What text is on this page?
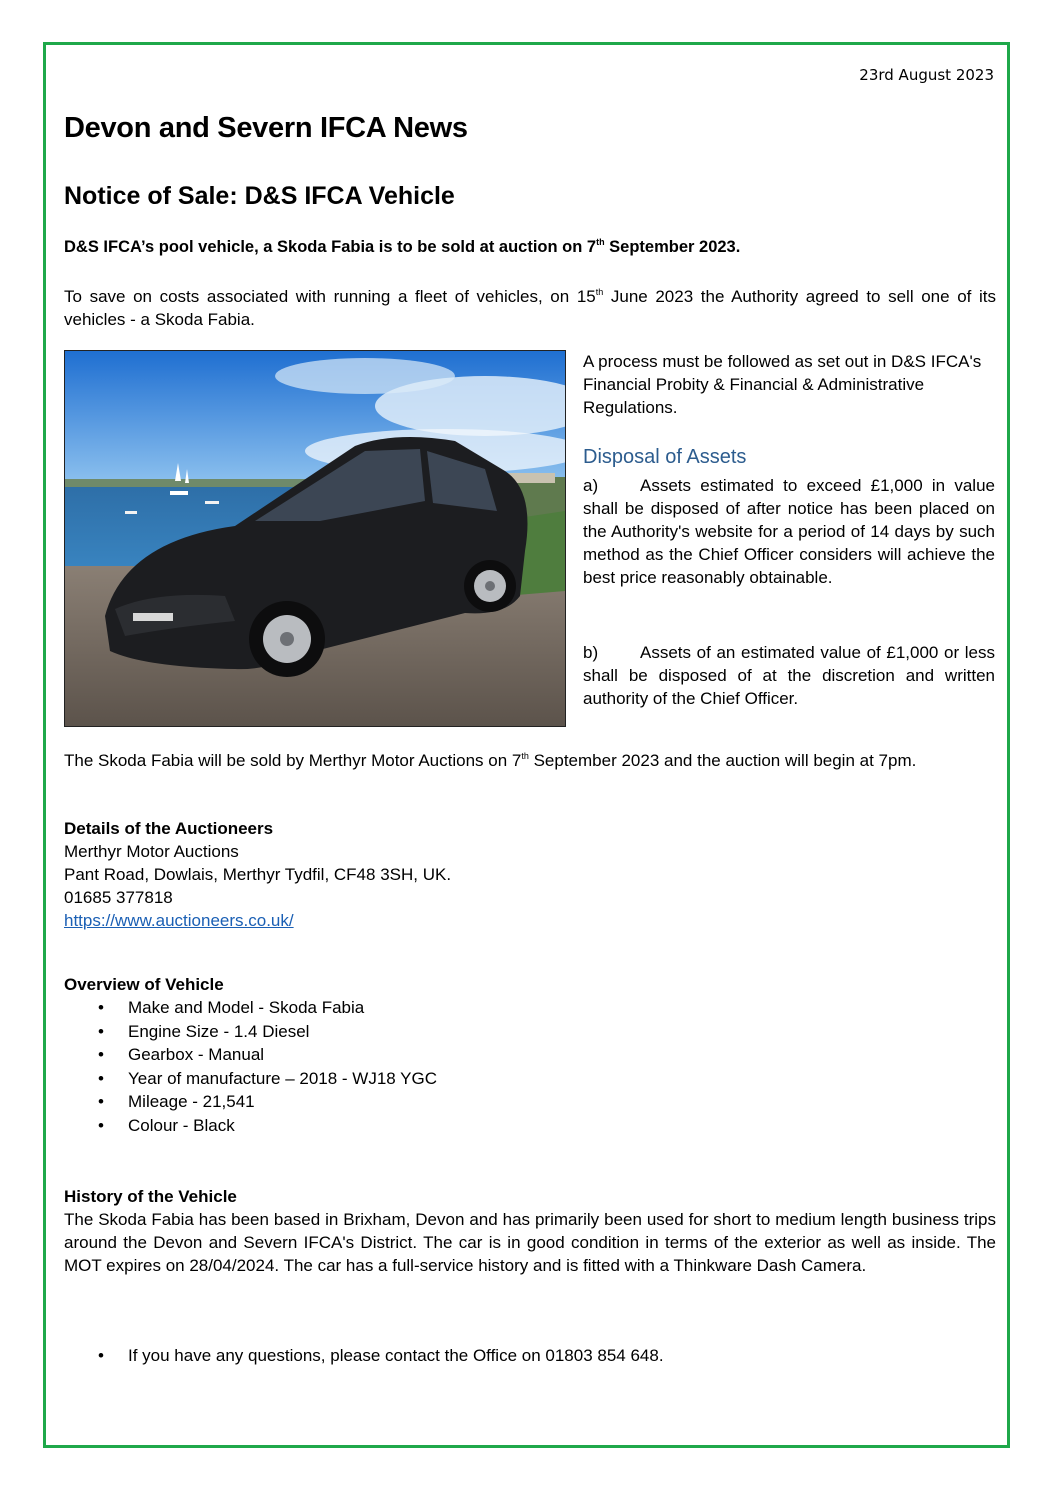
23rd August 2023
Devon and Severn IFCA News
Notice of Sale: D&S IFCA Vehicle
D&S IFCA’s pool vehicle, a Skoda Fabia is to be sold at auction on 7th September 2023.
To save on costs associated with running a fleet of vehicles, on 15th June 2023 the Authority agreed to sell one of its vehicles - a Skoda Fabia.
A process must be followed as set out in D&S IFCA's Financial Probity & Financial & Administrative Regulations.
Disposal of Assets
a) Assets estimated to exceed £1,000 in value shall be disposed of after notice has been placed on the Authority's website for a period of 14 days by such method as the Chief Officer considers will achieve the best price reasonably obtainable.
b) Assets of an estimated value of £1,000 or less shall be disposed of at the discretion and written authority of the Chief Officer.
The Skoda Fabia will be sold by Merthyr Motor Auctions on 7th September 2023 and the auction will begin at 7pm.
Details of the Auctioneers
Merthyr Motor Auctions
Pant Road, Dowlais, Merthyr Tydfil, CF48 3SH, UK.
01685 377818
https://www.auctioneers.co.uk/
Overview of Vehicle
• Make and Model - Skoda Fabia
• Engine Size - 1.4 Diesel
• Gearbox - Manual
• Year of manufacture – 2018 - WJ18 YGC
• Mileage - 21,541
• Colour - Black
History of the Vehicle
The Skoda Fabia has been based in Brixham, Devon and has primarily been used for short to medium length business trips around the Devon and Severn IFCA's District. The car is in good condition in terms of the exterior as well as inside. The MOT expires on 28/04/2024. The car has a full-service history and is fitted with a Thinkware Dash Camera.
• If you have any questions, please contact the Office on 01803 854 648.
